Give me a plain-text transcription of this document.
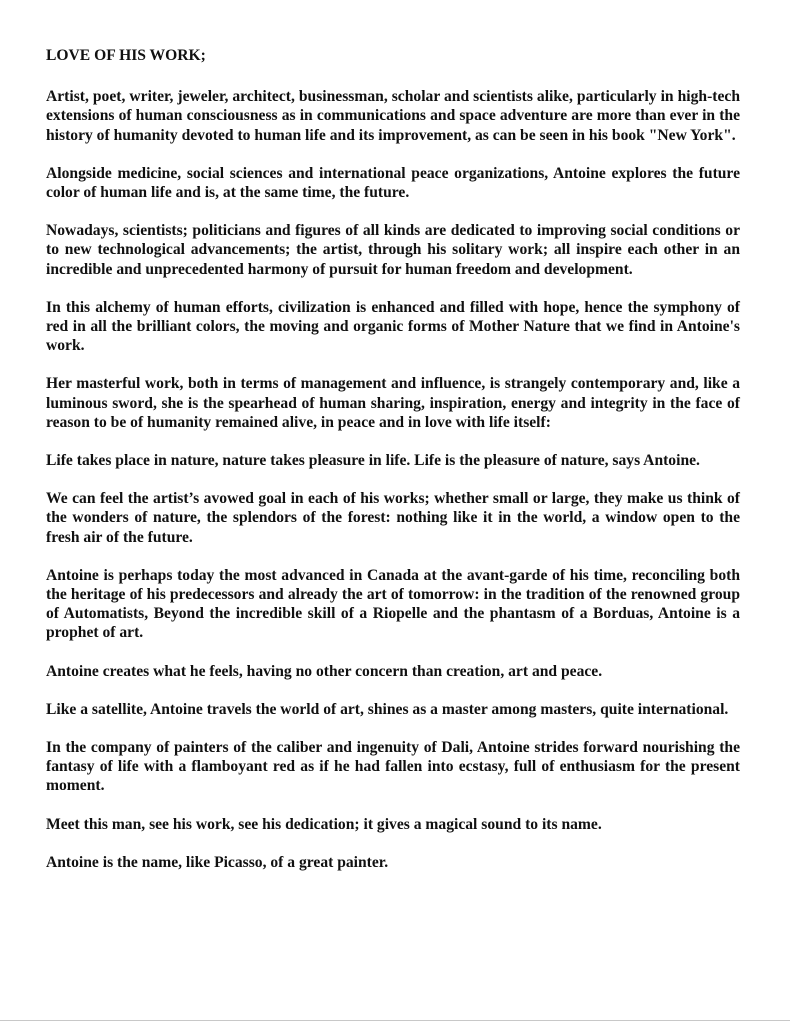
LOVE OF HIS WORK;

Artist, poet, writer, jeweler, architect, businessman, scholar and scientists alike, particularly in high-tech extensions of human consciousness as in communications and space adventure are more than ever in the history of humanity devoted to human life and its improvement, as can be seen in his book "New York".

Alongside medicine, social sciences and international peace organizations, Antoine explores the future color of human life and is, at the same time, the future.

Nowadays, scientists; politicians and figures of all kinds are dedicated to improving social conditions or to new technological advancements; the artist, through his solitary work; all inspire each other in an incredible and unprecedented harmony of pursuit for human freedom and development.

In this alchemy of human efforts, civilization is enhanced and filled with hope, hence the symphony of red in all the brilliant colors, the moving and organic forms of Mother Nature that we find in Antoine's work.

Her masterful work, both in terms of management and influence, is strangely contemporary and, like a luminous sword, she is the spearhead of human sharing, inspiration, energy and integrity in the face of reason to be of humanity remained alive, in peace and in love with life itself:

Life takes place in nature, nature takes pleasure in life. Life is the pleasure of nature, says Antoine.

We can feel the artist’s avowed goal in each of his works; whether small or large, they make us think of the wonders of nature, the splendors of the forest: nothing like it in the world, a window open to the fresh air of the future.

Antoine is perhaps today the most advanced in Canada at the avant-garde of his time, reconciling both the heritage of his predecessors and already the art of tomorrow: in the tradition of the renowned group of Automatists, Beyond the incredible skill of a Riopelle and the phantasm of a Borduas, Antoine is a prophet of art.

Antoine creates what he feels, having no other concern than creation, art and peace.

Like a satellite, Antoine travels the world of art, shines as a master among masters, quite international.

In the company of painters of the caliber and ingenuity of Dali, Antoine strides forward nourishing the fantasy of life with a flamboyant red as if he had fallen into ecstasy, full of enthusiasm for the present moment.

Meet this man, see his work, see his dedication; it gives a magical sound to its name.

Antoine is the name, like Picasso, of a great painter.
